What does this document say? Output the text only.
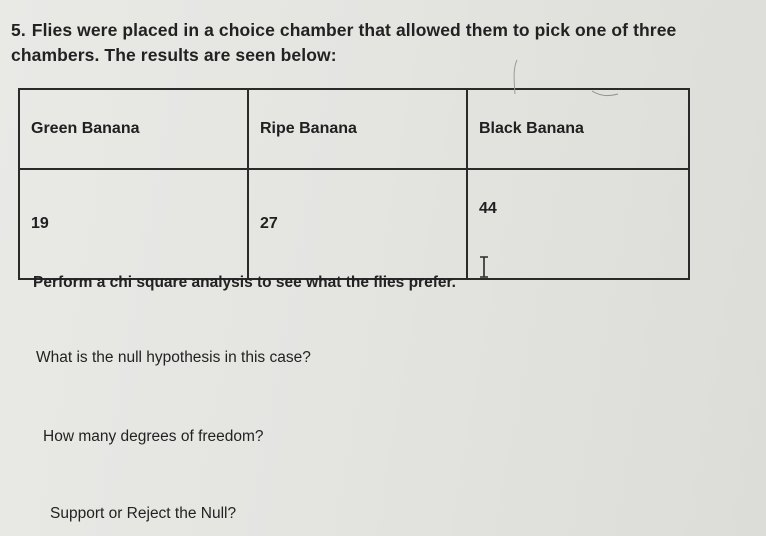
5. Flies were placed in a choice chamber that allowed them to pick one of three chambers. The results are seen below:
Green Banana	Ripe Banana	Black Banana
19	27	44
Perform a chi square analysis to see what the flies prefer.
What is the null hypothesis in this case?
How many degrees of freedom?
Support or Reject the Null?
